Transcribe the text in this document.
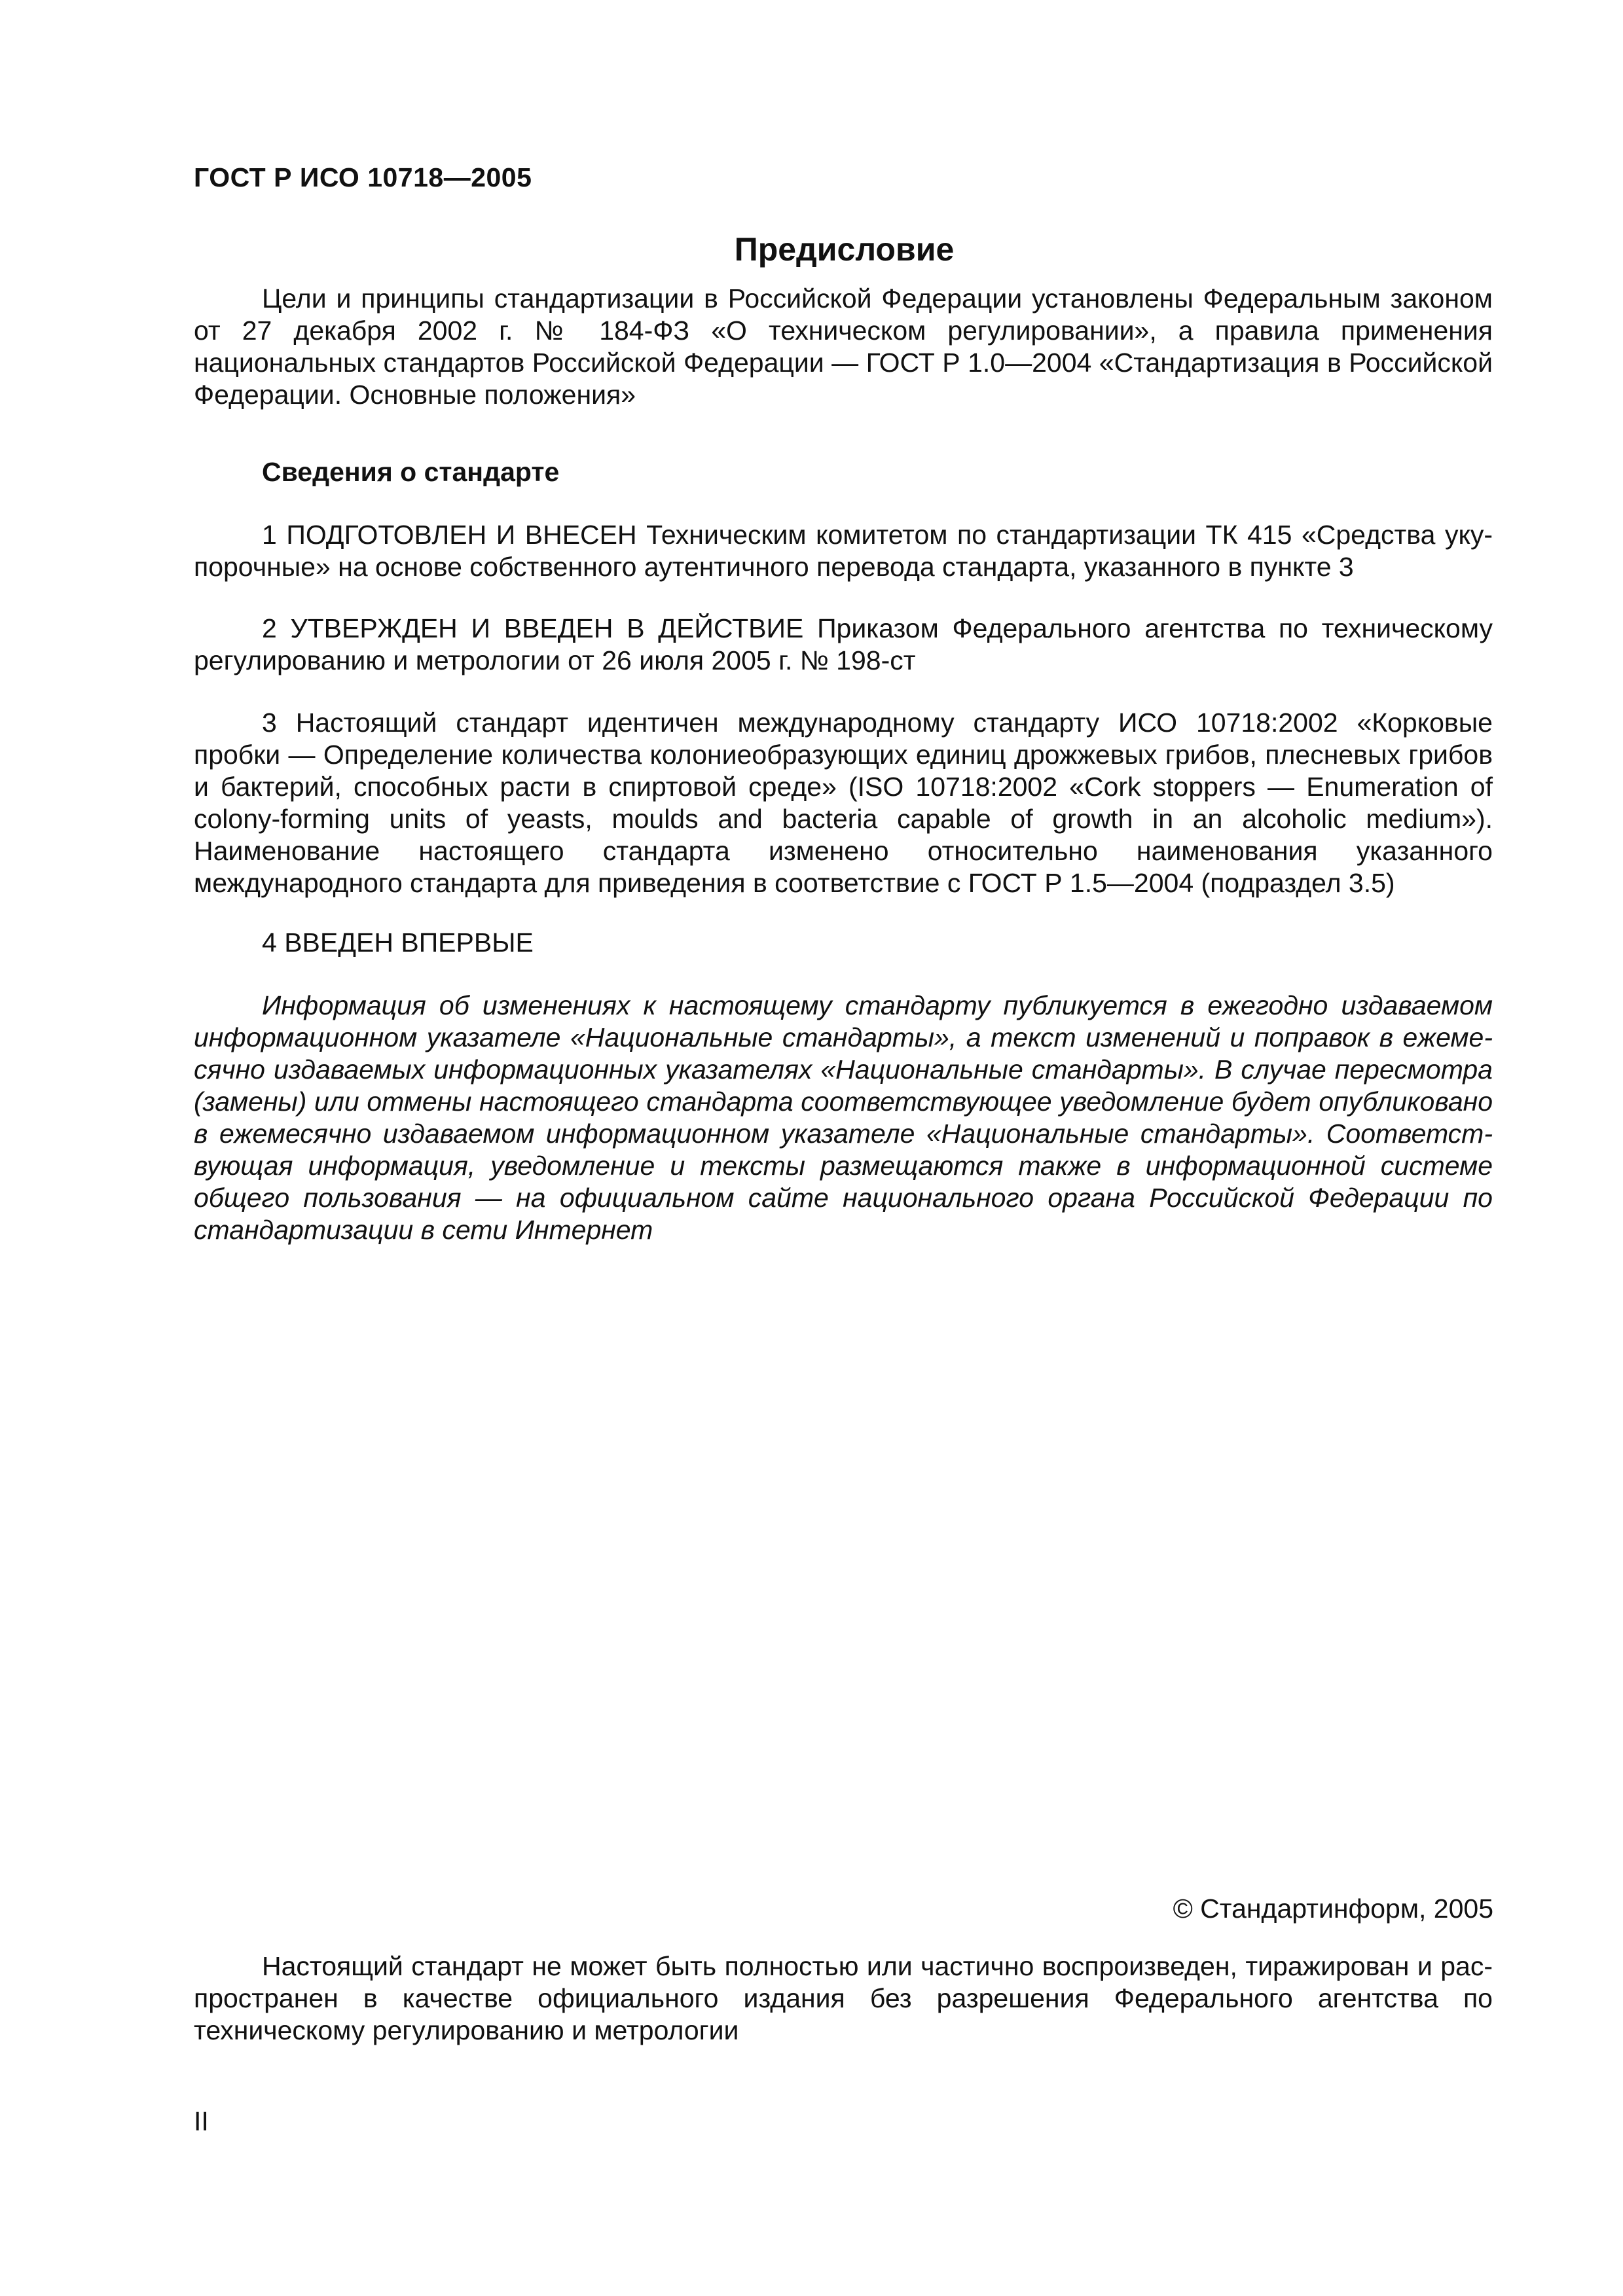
ГОСТ Р ИСО 10718—2005
Предисловие

Цели и принципы стандартизации в Российской Федерации установлены Федеральным законом от 27 декабря 2002 г. № 184-ФЗ «О техническом регулировании», а правила применения национальных стандартов Российской Федерации — ГОСТ Р 1.0—2004 «Стандартизация в Российской Федерации. Основные положения»

Сведения о стандарте

1 ПОДГОТОВЛЕН И ВНЕСЕН Техническим комитетом по стандартизации ТК 415 «Средства укупорочные» на основе собственного аутентичного перевода стандарта, указанного в пункте 3

2 УТВЕРЖДЕН И ВВЕДЕН В ДЕЙСТВИЕ Приказом Федерального агентства по техническому регулированию и метрологии от 26 июля 2005 г. № 198-ст

3 Настоящий стандарт идентичен международному стандарту ИСО 10718:2002 «Корковые пробки — Определение количества колониеобразующих единиц дрожжевых грибов, плесневых грибов и бактерий, способных расти в спиртовой среде» (ISO 10718:2002 «Cork stoppers — Enumeration of colony-forming units of yeasts, moulds and bacteria capable of growth in an alcoholic medium»). Наименование настоящего стандарта изменено относительно наименования указанного международного стандарта для приведения в соответствие с ГОСТ Р 1.5—2004 (подраздел 3.5)

4 ВВЕДЕН ВПЕРВЫЕ

Информация об изменениях к настоящему стандарту публикуется в ежегодно издаваемом информационном указателе «Национальные стандарты», а текст изменений и поправок в ежемесячно издаваемых информационных указателях «Национальные стандарты». В случае пересмотра (замены) или отмены настоящего стандарта соответствующее уведомление будет опубликовано в ежемесячно издаваемом информационном указателе «Национальные стандарты». Соответствующая информация, уведомление и тексты размещаются также в информационной системе общего пользования — на официальном сайте национального органа Российской Федерации по стандартизации в сети Интернет

© Стандартинформ, 2005

Настоящий стандарт не может быть полностью или частично воспроизведен, тиражирован и распространен в качестве официального издания без разрешения Федерального агентства по техническому регулированию и метрологии

II
